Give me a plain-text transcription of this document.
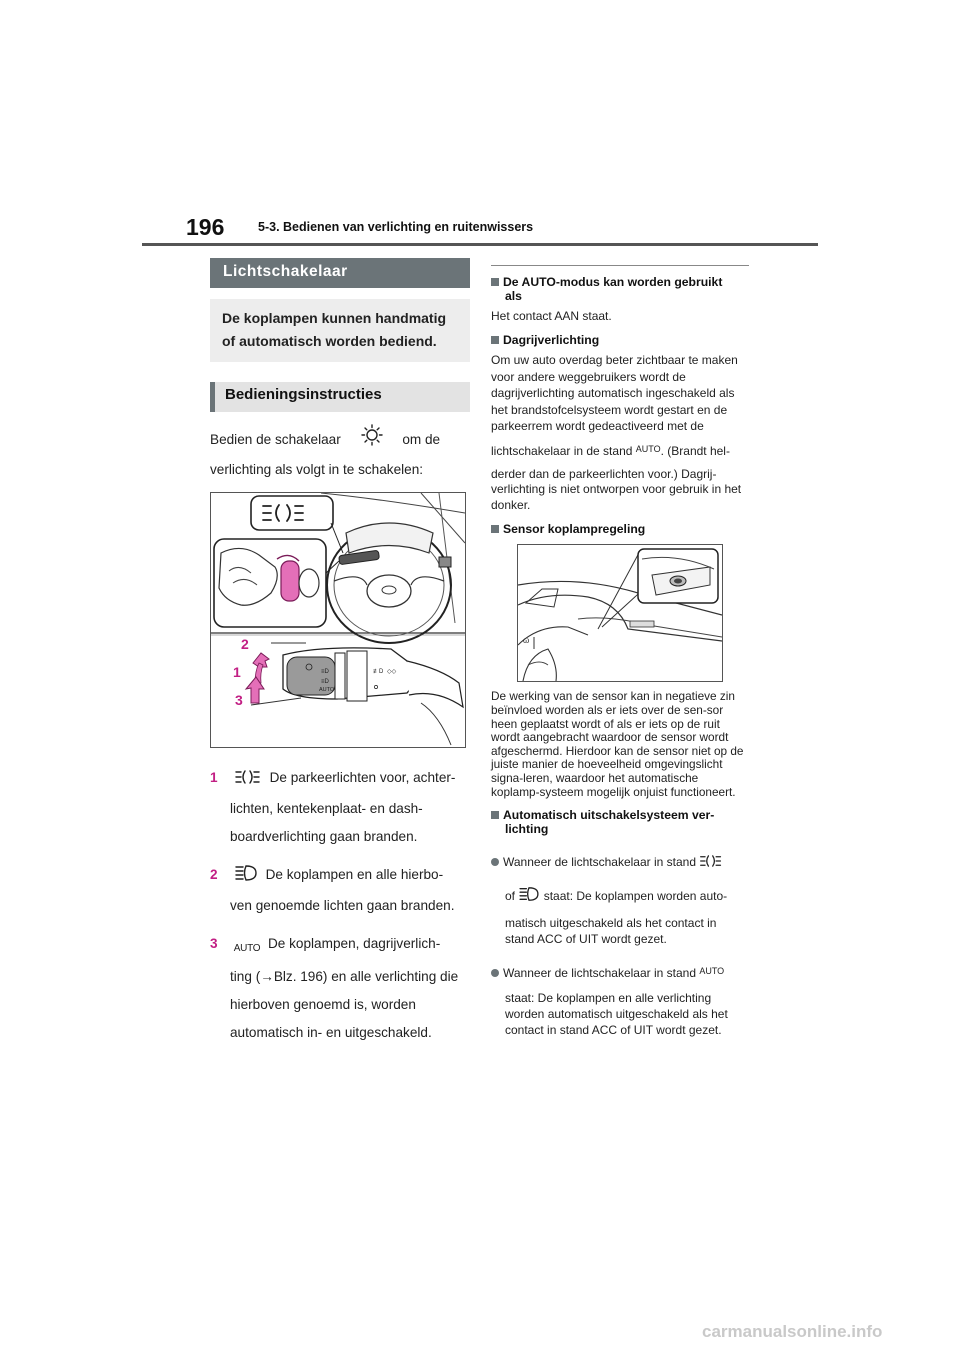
196	5-3. Bedienen van verlichting en ruitenwissers
Lichtschakelaar
De koplampen kunnen handmatig of automatisch worden bediend.
Bedieningsinstructies
Bedien de schakelaar	om de verlichting als volgt in te schakelen:
≡D
≡D
AUTO
≢D ◇◇
2
1
3
1	De parkeerlichten voor, achter-
lichten, kentekenplaat- en dash-boardverlichting gaan branden.
2	De koplampen en alle hierbo-
ven genoemde lichten gaan branden.
3 AUTO De koplampen, dagrijverlich-
ting (→Blz. 196) en alle verlichting die hierboven genoemd is, worden automatisch in- en uitgeschakeld.
De AUTO-modus kan worden gebruikt
als
Het contact AAN staat.
Dagrijverlichting
Om uw auto overdag beter zichtbaar te maken voor andere weggebruikers wordt de dagrijverlichting automatisch ingeschakeld als het brandstofcelsysteem wordt gestart en de parkeerrem wordt gedeactiveerd met de
lichtschakelaar in de stand $^{AUTO}$. (Brandt hel-
derder dan de parkeerlichten voor.) Dagrij-verlichting is niet ontworpen voor gebruik in het donker.
Sensor koplampregeling
ω
De werking van de sensor kan in negatieve zin beïnvloed worden als er iets over de sen-sor heen geplaatst wordt of als er iets op de ruit wordt aangebracht waardoor de sensor wordt afgeschermd. Hierdoor kan de sensor niet op de juiste manier de hoeveelheid omgevingslicht signa-leren, waardoor het automatische koplamp-systeem mogelijk onjuist functioneert.
Automatisch uitschakelsysteem ver-
lichting
Wanneer de lichtschakelaar in stand
of staat: De koplampen worden auto-
matisch uitgeschakeld als het contact in stand ACC of UIT wordt gezet.
Wanneer de lichtschakelaar in stand $^{AUTO}$
staat: De koplampen en alle verlichting worden automatisch uitgeschakeld als het contact in stand ACC of UIT wordt gezet.
carmanualsonline.info
